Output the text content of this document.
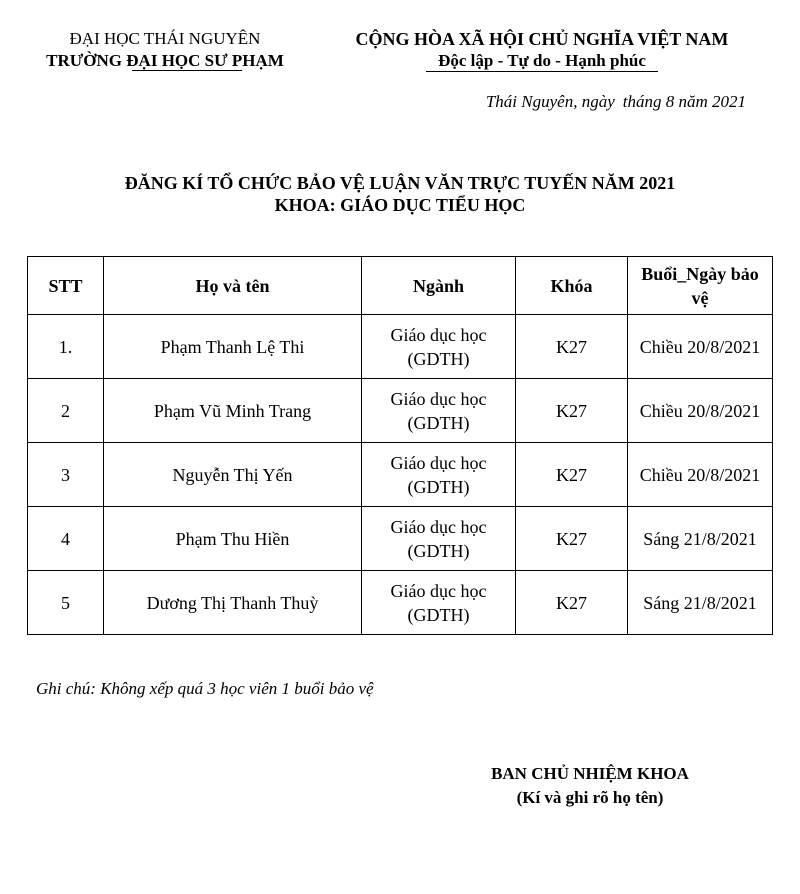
ĐẠI HỌC THÁI NGUYÊN
TRƯỜNG ĐẠI HỌC SƯ PHẠM
CỘNG HÒA XÃ HỘI CHỦ NGHĨA VIỆT NAM
Độc lập - Tự do - Hạnh phúc
Thái Nguyên, ngày tháng 8 năm 2021
ĐĂNG KÍ TỔ CHỨC BẢO VỆ LUẬN VĂN TRỰC TUYẾN NĂM 2021
KHOA: GIÁO DỤC TIỂU HỌC
STT	Họ và tên	Ngành	Khóa	Buổi_Ngày bảo vệ
1.	Phạm Thanh Lệ Thi	Giáo dục học (GDTH)	K27	Chiều 20/8/2021
2	Phạm Vũ Minh Trang	Giáo dục học (GDTH)	K27	Chiều 20/8/2021
3	Nguyễn Thị Yến	Giáo dục học (GDTH)	K27	Chiều 20/8/2021
4	Phạm Thu Hiền	Giáo dục học (GDTH)	K27	Sáng 21/8/2021
5	Dương Thị Thanh Thuỳ	Giáo dục học (GDTH)	K27	Sáng 21/8/2021
Ghi chú: Không xếp quá 3 học viên 1 buổi bảo vệ
BAN CHỦ NHIỆM KHOA
(Kí và ghi rõ họ tên)
